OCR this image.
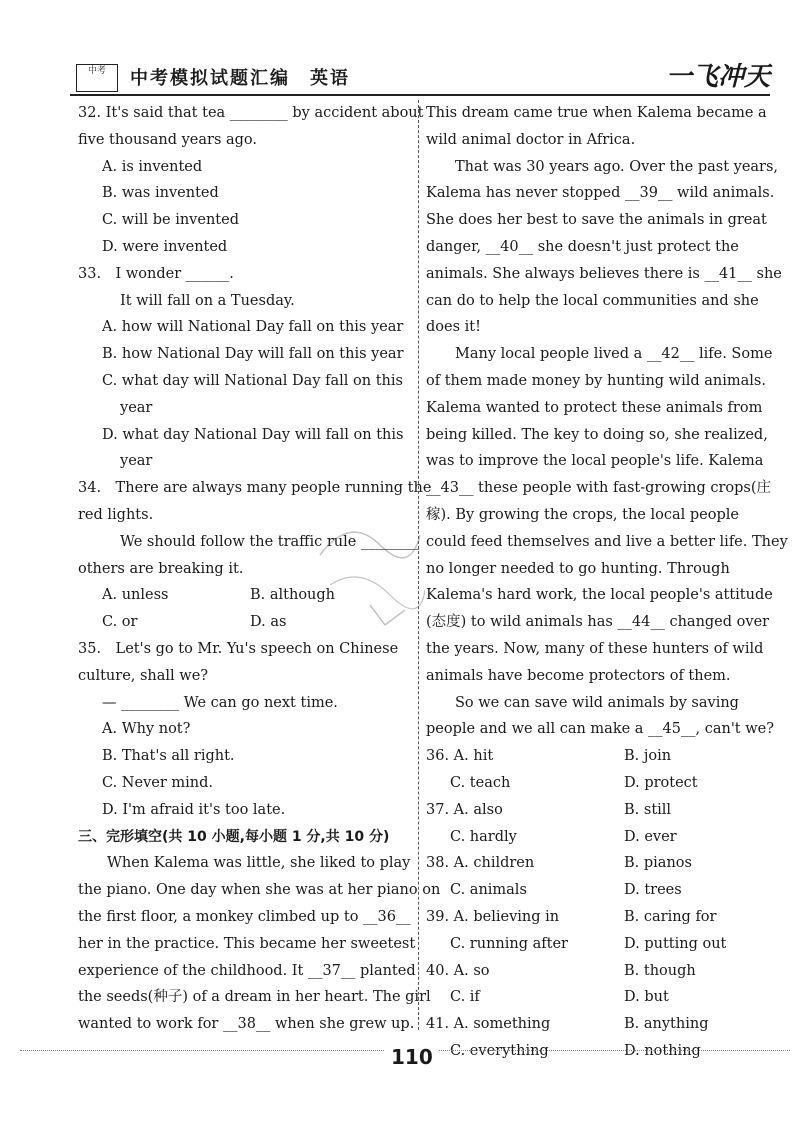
中考	中考模拟试题汇编　英语	一飞冲天
32. It's said that tea ________ by accident about
five thousand years ago.
A. is invented
B. was invented
C. will be invented
D. were invented
33.　I wonder ______.
It will fall on a Tuesday.
A. how will National Day fall on this year
B. how National Day will fall on this year
C. what day will National Day fall on this
year
D. what day National Day will fall on this
year
34.　There are always many people running the
red lights.
We should follow the traffic rule ________
others are breaking it.
A. unless	B. although
C. or	D. as
35.　Let's go to Mr. Yu's speech on Chinese
culture, shall we?
— ________ We can go next time.
A. Why not?
B. That's all right.
C. Never mind.
D. I'm afraid it's too late.
三、完形填空(共 10 小题,每小题 1 分,共 10 分)
When Kalema was little, she liked to play
the piano. One day when she was at her piano on
the first floor, a monkey climbed up to __36__
her in the practice. This became her sweetest
experience of the childhood. It __37__ planted
the seeds(种子) of a dream in her heart. The girl
wanted to work for __38__ when she grew up.
This dream came true when Kalema became a
wild animal doctor in Africa.
That was 30 years ago. Over the past years,
Kalema has never stopped __39__ wild animals.
She does her best to save the animals in great
danger, __40__ she doesn't just protect the
animals. She always believes there is __41__ she
can do to help the local communities and she
does it!
Many local people lived a __42__ life. Some
of them made money by hunting wild animals.
Kalema wanted to protect these animals from
being killed. The key to doing so, she realized,
was to improve the local people's life. Kalema
__43__ these people with fast-growing crops(庄
稼). By growing the crops, the local people
could feed themselves and live a better life. They
no longer needed to go hunting. Through
Kalema's hard work, the local people's attitude
(态度) to wild animals has __44__ changed over
the years. Now, many of these hunters of wild
animals have become protectors of them.
So we can save wild animals by saving
people and we all can make a __45__, can't we?
36. A. hit	B. join
C. teach	D. protect
37. A. also	B. still
C. hardly	D. ever
38. A. children	B. pianos
C. animals	D. trees
39. A. believing in	B. caring for
C. running after	D. putting out
40. A. so	B. though
C. if	D. but
41. A. something	B. anything
C. everything	D. nothing
110
